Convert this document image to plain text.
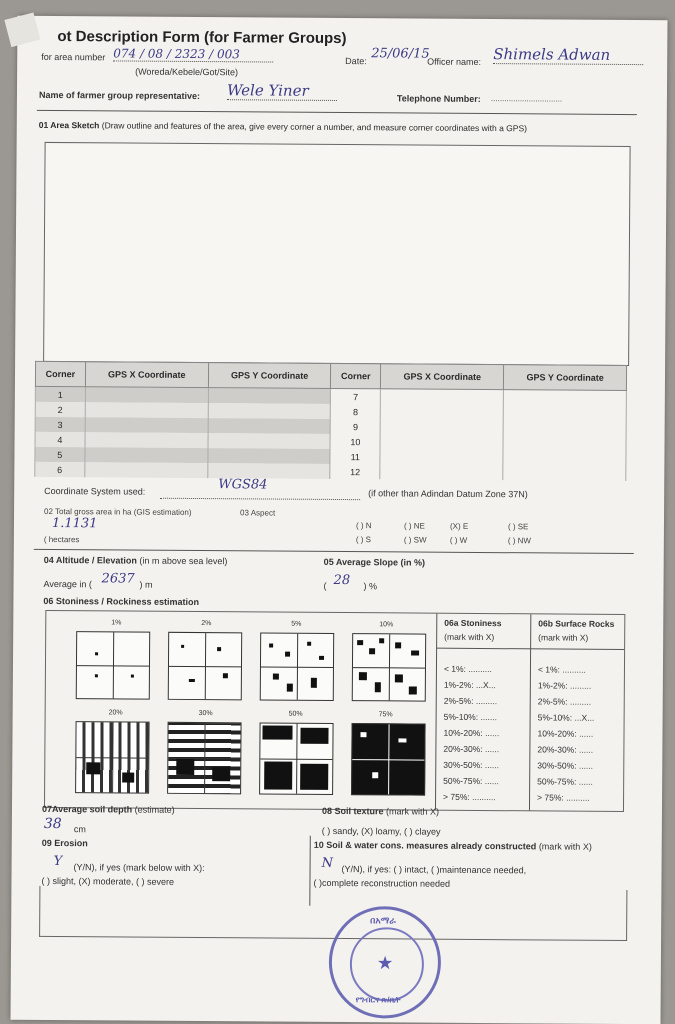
ot Description Form (for Farmer Groups)
for area number 074 / 08 / 2323 / 003
(Woreda/Kebele/Got/Site)
Date: 25/06/15
Officer name: Shimels Adwan
Name of farmer group representative: Wele Yiner	Telephone Number: ................................
01 Area Sketch (Draw outline and features of the area, give every corner a number, and measure corner coordinates with a GPS)
Corner	GPS X Coordinate	GPS Y Coordinate	Corner	GPS X Coordinate	GPS Y Coordinate
1			7		
2			8		
3			9		
4			10		
5			11		
6			12		
Coordinate System used:	WGS84
(if other than Adindan Datum Zone 37N)
02 Total gross area in ha (GIS estimation)	03 Aspect
1.1131
( hectares
( ) N	( ) NE	(X) E	( ) SE
( ) S	( ) SW	( ) W	( ) NW
04 Altitude / Elevation (in m above sea level)	05 Average Slope (in %)
Average in ( 2637 ) m	( 28 ) %
06 Stoniness / Rockiness estimation
1%	2%	5%	10%
20%	30%	50%	75%
06a Stoniness
(mark with X)
06b Surface Rocks
(mark with X)
< 1%: ..........
1%-2%: ...X...
2%-5%: .........
5%-10%: .......
10%-20%: ......
20%-30%: ......
30%-50%: ......
50%-75%: ......
> 75%: ..........
< 1%: ..........
1%-2%: .........
2%-5%: .........
5%-10%: ...X...
10%-20%: ......
20%-30%: ......
30%-50%: ......
50%-75%: ......
> 75%: ..........
07Average soil depth (estimate)	08 Soil texture (mark with X)
38 cm	( ) sandy, (X) loamy, ( ) clayey
09 Erosion	10 Soil & water cons. measures already constructed (mark with X)
Y (Y/N), if yes (mark below with X):
( ) slight, (X) moderate, ( ) severe
N (Y/N), if yes: ( ) intact, ( )maintenance needed,
( )complete reconstruction needed
በአማራ
የግብርና ጽ/ቤት
★
